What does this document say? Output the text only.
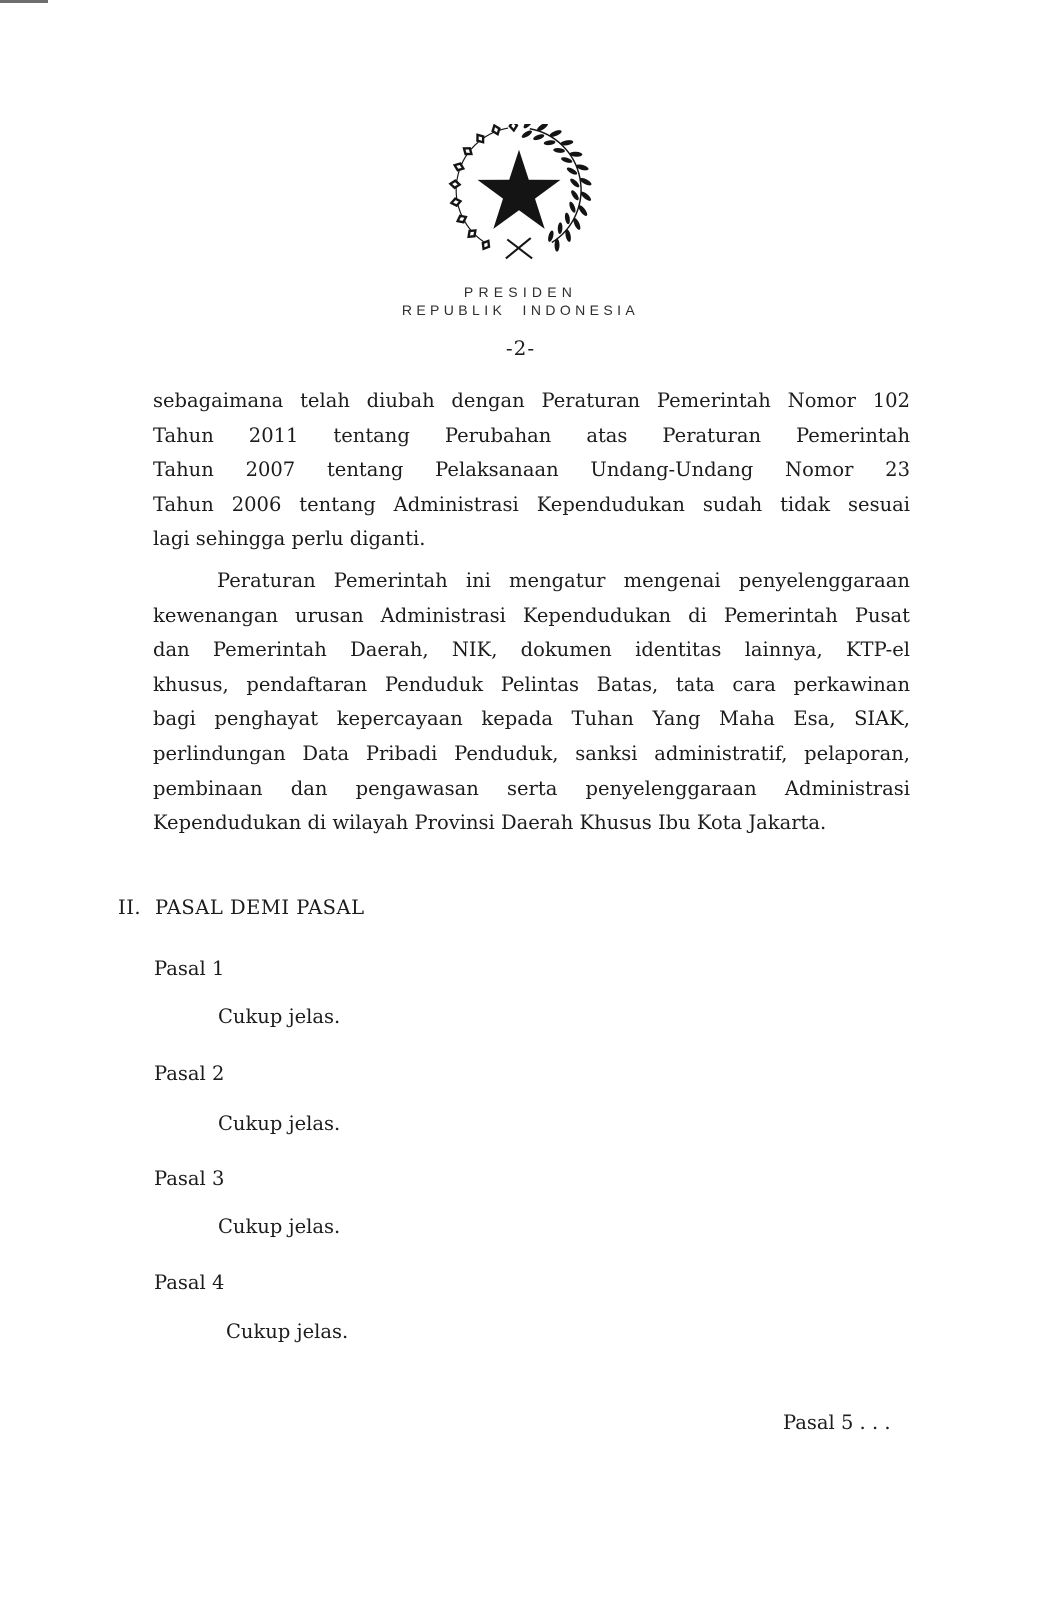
PRESIDEN
REPUBLIK INDONESIA
-2-
sebagaimana telah diubah dengan Peraturan Pemerintah Nomor 102
Tahun 2011 tentang Perubahan atas Peraturan Pemerintah
Tahun 2007 tentang Pelaksanaan Undang-Undang Nomor 23
Tahun 2006 tentang Administrasi Kependudukan sudah tidak sesuai
lagi sehingga perlu diganti.
Peraturan Pemerintah ini mengatur mengenai penyelenggaraan
kewenangan urusan Administrasi Kependudukan di Pemerintah Pusat
dan Pemerintah Daerah, NIK, dokumen identitas lainnya, KTP-el
khusus, pendaftaran Penduduk Pelintas Batas, tata cara perkawinan
bagi penghayat kepercayaan kepada Tuhan Yang Maha Esa, SIAK,
perlindungan Data Pribadi Penduduk, sanksi administratif, pelaporan,
pembinaan dan pengawasan serta penyelenggaraan Administrasi
Kependudukan di wilayah Provinsi Daerah Khusus Ibu Kota Jakarta.
II. PASAL DEMI PASAL
Pasal 1
Cukup jelas.
Pasal 2
Cukup jelas.
Pasal 3
Cukup jelas.
Pasal 4
Cukup jelas.
Pasal 5 . . .
